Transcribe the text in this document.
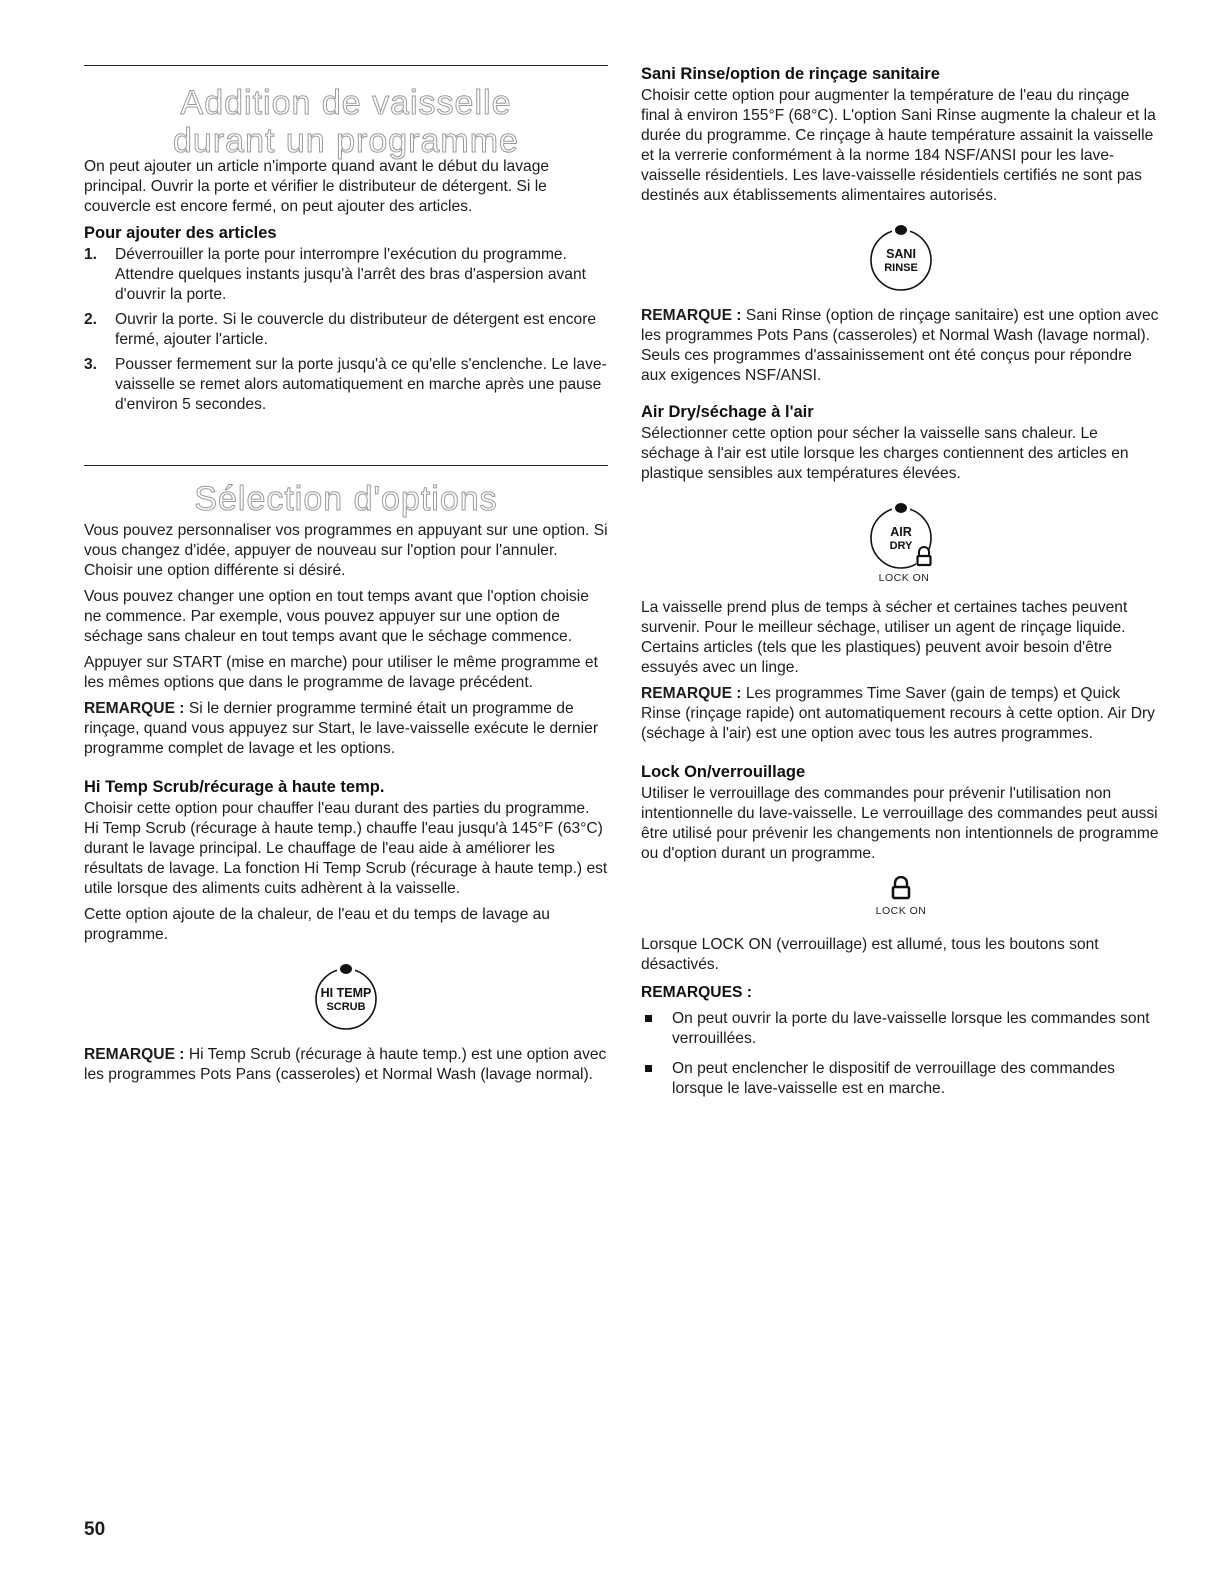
Addition de vaisselle
durant un programme

On peut ajouter un article n'importe quand avant le début du lavage principal. Ouvrir la porte et vérifier le distributeur de détergent. Si le couvercle est encore fermé, on peut ajouter des articles.

Pour ajouter des articles
1. Déverrouiller la porte pour interrompre l'exécution du programme. Attendre quelques instants jusqu'à l'arrêt des bras d'aspersion avant d'ouvrir la porte.
2. Ouvrir la porte. Si le couvercle du distributeur de détergent est encore fermé, ajouter l'article.
3. Pousser fermement sur la porte jusqu'à ce qu'elle s'enclenche. Le lave-vaisselle se remet alors automatiquement en marche après une pause d'environ 5 secondes.
Sélection d'options

Vous pouvez personnaliser vos programmes en appuyant sur une option. Si vous changez d'idée, appuyer de nouveau sur l'option pour l'annuler. Choisir une option différente si désiré.

Vous pouvez changer une option en tout temps avant que l'option choisie ne commence. Par exemple, vous pouvez appuyer sur une option de séchage sans chaleur en tout temps avant que le séchage commence.

Appuyer sur START (mise en marche) pour utiliser le même programme et les mêmes options que dans le programme de lavage précédent.

REMARQUE : Si le dernier programme terminé était un programme de rinçage, quand vous appuyez sur Start, le lave-vaisselle exécute le dernier programme complet de lavage et les options.

Hi Temp Scrub/récurage à haute temp.

Choisir cette option pour chauffer l'eau durant des parties du programme. Hi Temp Scrub (récurage à haute temp.) chauffe l'eau jusqu'à 145°F (63°C) durant le lavage principal. Le chauffage de l'eau aide à améliorer les résultats de lavage. La fonction Hi Temp Scrub (récurage à haute temp.) est utile lorsque des aliments cuits adhèrent à la vaisselle.

Cette option ajoute de la chaleur, de l'eau et du temps de lavage au programme.

HI TEMP
SCRUB

REMARQUE : Hi Temp Scrub (récurage à haute temp.) est une option avec les programmes Pots Pans (casseroles) et Normal Wash (lavage normal).

Sani Rinse/option de rinçage sanitaire

Choisir cette option pour augmenter la température de l'eau du rinçage final à environ 155°F (68°C). L'option Sani Rinse augmente la chaleur et la durée du programme. Ce rinçage à haute température assainit la vaisselle et la verrerie conformément à la norme 184 NSF/ANSI pour les lave-vaisselle résidentiels. Les lave-vaisselle résidentiels certifiés ne sont pas destinés aux établissements alimentaires autorisés.

SANI
RINSE

REMARQUE : Sani Rinse (option de rinçage sanitaire) est une option avec les programmes Pots Pans (casseroles) et Normal Wash (lavage normal). Seuls ces programmes d'assainissement ont été conçus pour répondre aux exigences NSF/ANSI.

Air Dry/séchage à l'air

Sélectionner cette option pour sécher la vaisselle sans chaleur. Le séchage à l'air est utile lorsque les charges contiennent des articles en plastique sensibles aux températures élevées.

AIR
DRY
LOCK ON

La vaisselle prend plus de temps à sécher et certaines taches peuvent survenir. Pour le meilleur séchage, utiliser un agent de rinçage liquide. Certains articles (tels que les plastiques) peuvent avoir besoin d'être essuyés avec un linge.

REMARQUE : Les programmes Time Saver (gain de temps) et Quick Rinse (rinçage rapide) ont automatiquement recours à cette option. Air Dry (séchage à l'air) est une option avec tous les autres programmes.

Lock On/verrouillage

Utiliser le verrouillage des commandes pour prévenir l'utilisation non intentionnelle du lave-vaisselle. Le verrouillage des commandes peut aussi être utilisé pour prévenir les changements non intentionnels de programme ou d'option durant un programme.

LOCK ON

Lorsque LOCK ON (verrouillage) est allumé, tous les boutons sont désactivés.

REMARQUES :
On peut ouvrir la porte du lave-vaisselle lorsque les commandes sont verrouillées.
On peut enclencher le dispositif de verrouillage des commandes lorsque le lave-vaisselle est en marche.
50
